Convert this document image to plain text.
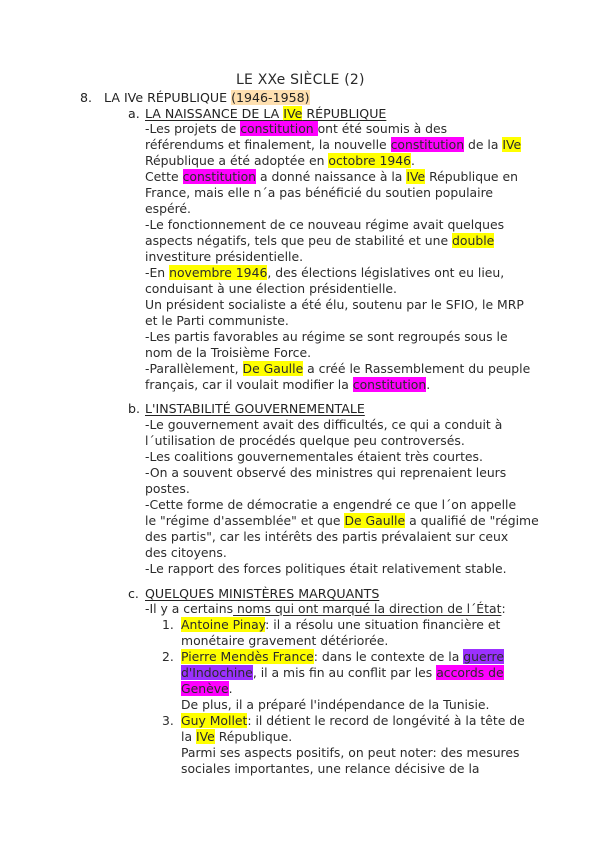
LE XXe SIÈCLE (2)
8. LA IVe RÉPUBLIQUE (1946-1958)
a. LA NAISSANCE DE LA IVe RÉPUBLIQUE
-Les projets de constitution ont été soumis à des
référendums et finalement, la nouvelle constitution de la IVe
République a été adoptée en octobre 1946.
Cette constitution a donné naissance à la IVe République en
France, mais elle n´a pas bénéficié du soutien populaire
espéré.
-Le fonctionnement de ce nouveau régime avait quelques
aspects négatifs, tels que peu de stabilité et une double
investiture présidentielle.
-En novembre 1946, des élections législatives ont eu lieu,
conduisant à une élection présidentielle.
Un président socialiste a été élu, soutenu par le SFIO, le MRP
et le Parti communiste.
-Les partis favorables au régime se sont regroupés sous le
nom de la Troisième Force.
-Parallèlement, De Gaulle a créé le Rassemblement du peuple
français, car il voulait modifier la constitution.
b. L'INSTABILITÉ GOUVERNEMENTALE
-Le gouvernement avait des difficultés, ce qui a conduit à
l´utilisation de procédés quelque peu controversés.
-Les coalitions gouvernementales étaient très courtes.
-On a souvent observé des ministres qui reprenaient leurs
postes.
-Cette forme de démocratie a engendré ce que l´on appelle
le "régime d'assemblée" et que De Gaulle a qualifié de "régime
des partis", car les intérêts des partis prévalaient sur ceux
des citoyens.
-Le rapport des forces politiques était relativement stable.
c. QUELQUES MINISTÈRES MARQUANTS
-Il y a certains noms qui ont marqué la direction de l´État:
1. Antoine Pinay: il a résolu une situation financière et
monétaire gravement détériorée.
2. Pierre Mendès France: dans le contexte de la guerre
d'Indochine, il a mis fin au conflit par les accords de
Genève.
De plus, il a préparé l'indépendance de la Tunisie.
3. Guy Mollet: il détient le record de longévité à la tête de
la IVe République.
Parmi ses aspects positifs, on peut noter: des mesures
sociales importantes, une relance décisive de la
